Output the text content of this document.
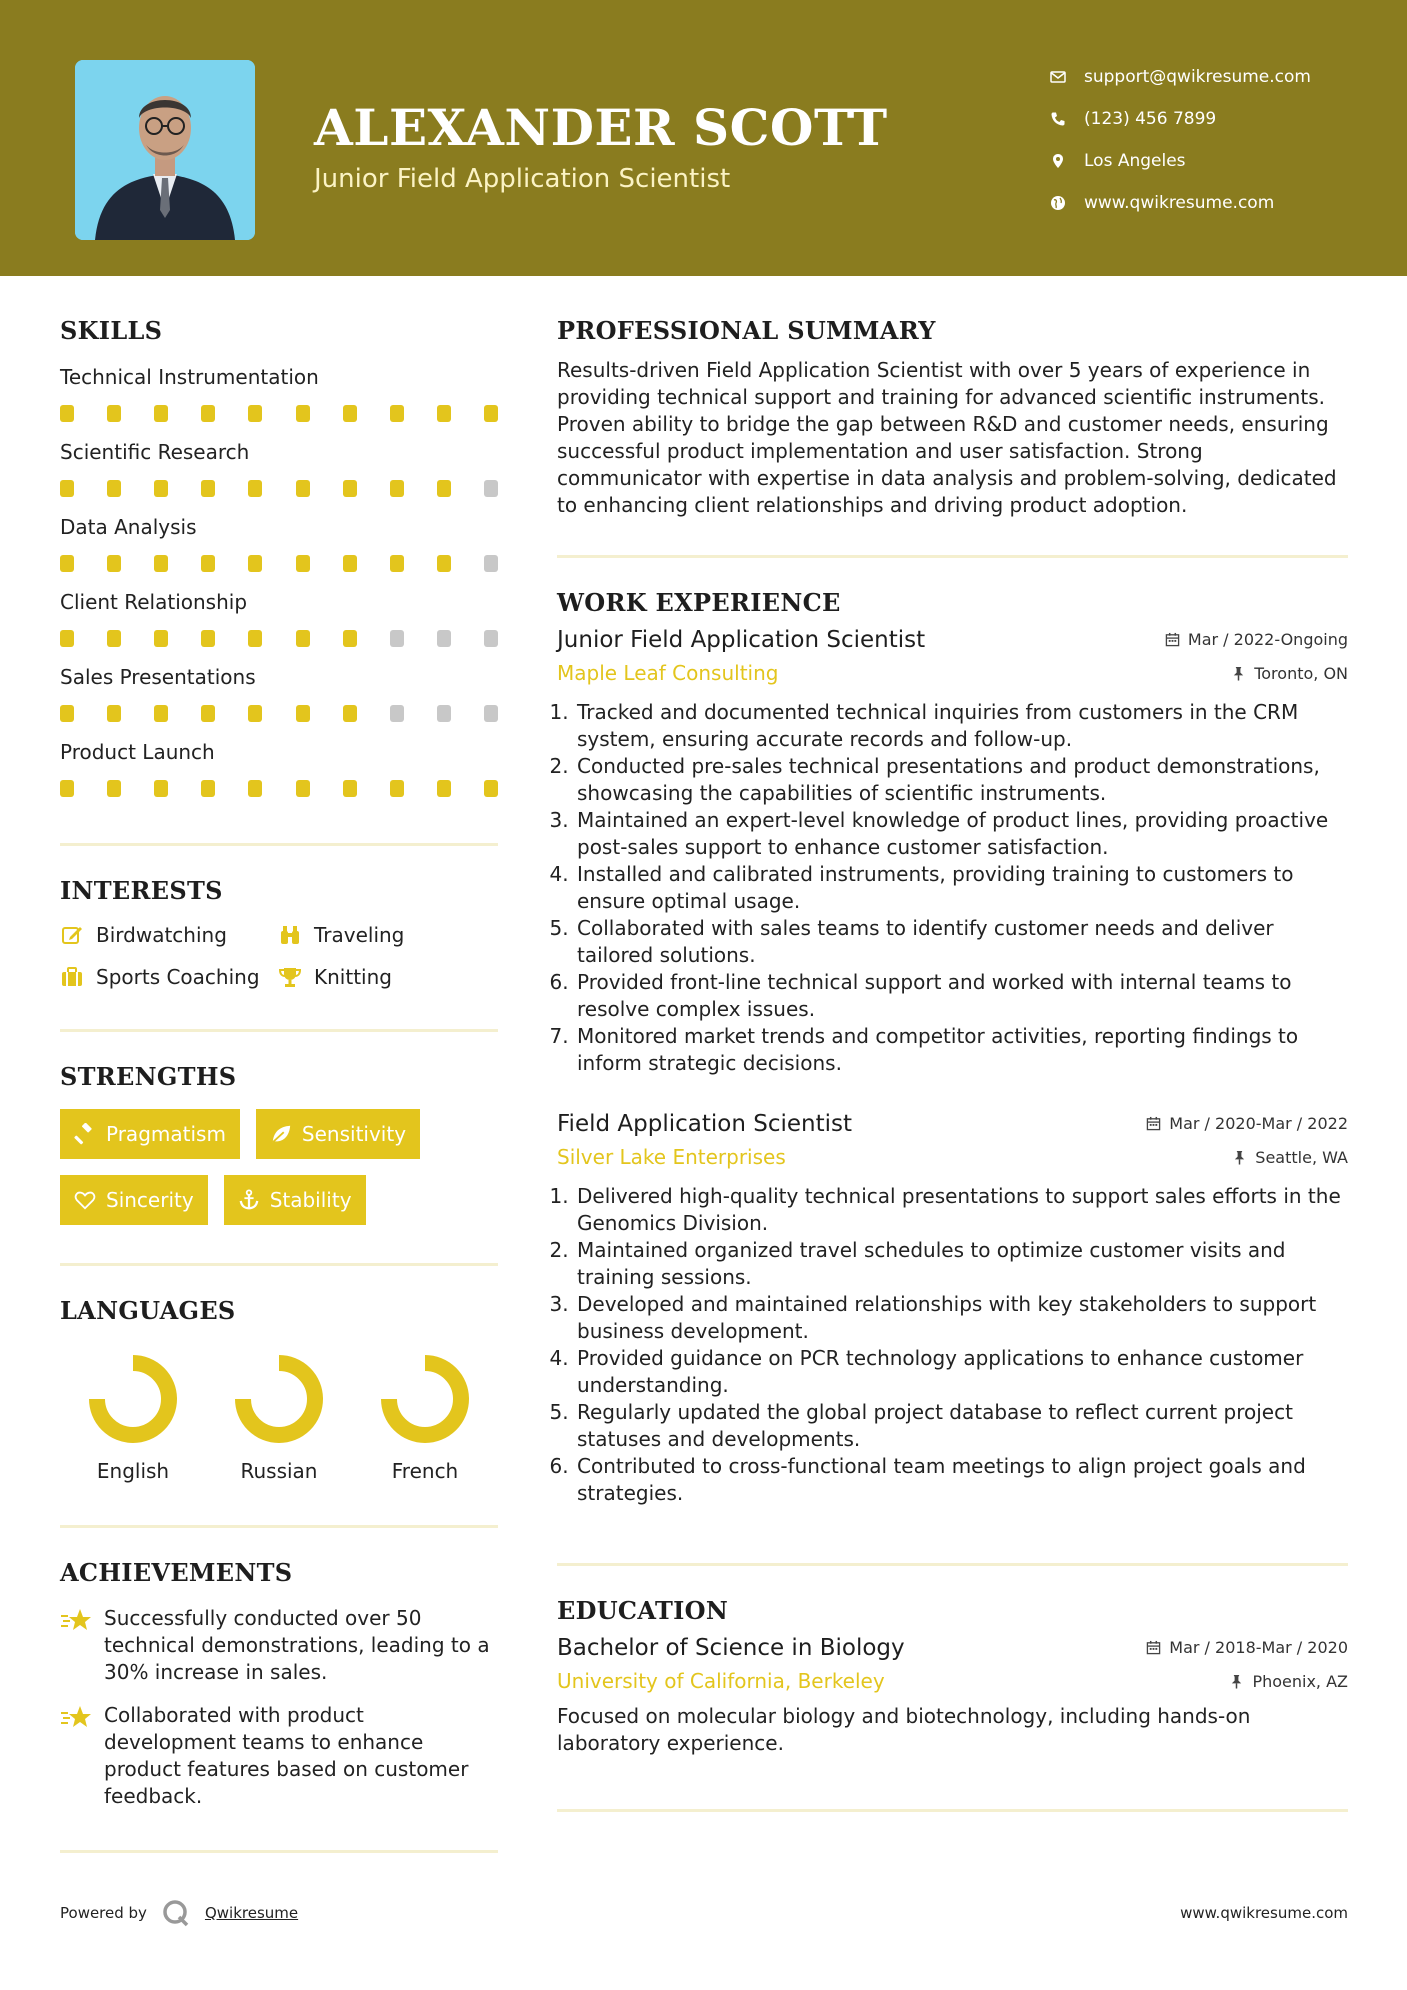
ALEXANDER SCOTT
Junior Field Application Scientist
support@qwikresume.com
(123) 456 7899
Los Angeles
www.qwikresume.com
SKILLS
Technical Instrumentation
Scientific Research
Data Analysis
Client Relationship
Sales Presentations
Product Launch
INTERESTS
Birdwatching	Traveling
Sports Coaching	Knitting
STRENGTHS
Pragmatism	Sensitivity
Sincerity	Stability
LANGUAGES
English	Russian	French
ACHIEVEMENTS
Successfully conducted over 50 technical demonstrations, leading to a 30% increase in sales.
Collaborated with product development teams to enhance product features based on customer feedback.
PROFESSIONAL SUMMARY
Results-driven Field Application Scientist with over 5 years of experience in providing technical support and training for advanced scientific instruments. Proven ability to bridge the gap between R&D and customer needs, ensuring successful product implementation and user satisfaction. Strong communicator with expertise in data analysis and problem-solving, dedicated to enhancing client relationships and driving product adoption.
WORK EXPERIENCE
Junior Field Application Scientist	Mar / 2022-Ongoing
Maple Leaf Consulting	Toronto, ON
1. Tracked and documented technical inquiries from customers in the CRM system, ensuring accurate records and follow-up.
2. Conducted pre-sales technical presentations and product demonstrations, showcasing the capabilities of scientific instruments.
3. Maintained an expert-level knowledge of product lines, providing proactive post-sales support to enhance customer satisfaction.
4. Installed and calibrated instruments, providing training to customers to ensure optimal usage.
5. Collaborated with sales teams to identify customer needs and deliver tailored solutions.
6. Provided front-line technical support and worked with internal teams to resolve complex issues.
7. Monitored market trends and competitor activities, reporting findings to inform strategic decisions.
Field Application Scientist	Mar / 2020-Mar / 2022
Silver Lake Enterprises	Seattle, WA
1. Delivered high-quality technical presentations to support sales efforts in the Genomics Division.
2. Maintained organized travel schedules to optimize customer visits and training sessions.
3. Developed and maintained relationships with key stakeholders to support business development.
4. Provided guidance on PCR technology applications to enhance customer understanding.
5. Regularly updated the global project database to reflect current project statuses and developments.
6. Contributed to cross-functional team meetings to align project goals and strategies.
EDUCATION
Bachelor of Science in Biology	Mar / 2018-Mar / 2020
University of California, Berkeley	Phoenix, AZ
Focused on molecular biology and biotechnology, including hands-on laboratory experience.
Powered by	Qwikresume	www.qwikresume.com
